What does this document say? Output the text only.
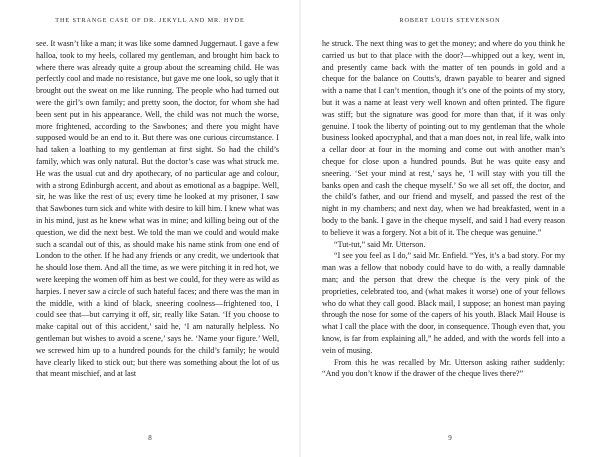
THE STRANGE CASE OF DR. JEKYLL AND MR. HYDE

see. It wasn’t like a man; it was like some damned Juggernaut. I gave a few halloa, took to my heels, collared my gentleman, and brought him back to where there was already quite a group about the screaming child. He was perfectly cool and made no resistance, but gave me one look, so ugly that it brought out the sweat on me like running. The people who had turned out were the girl’s own family; and pretty soon, the doctor, for whom she had been sent put in his appearance. Well, the child was not much the worse, more frightened, according to the Sawbones; and there you might have supposed would be an end to it. But there was one curious circumstance. I had taken a loathing to my gentleman at first sight. So had the child’s family, which was only natural. But the doctor’s case was what struck me. He was the usual cut and dry apothecary, of no particular age and colour, with a strong Edinburgh accent, and about as emotional as a bagpipe. Well, sir, he was like the rest of us; every time he looked at my prisoner, I saw that Sawbones turn sick and white with desire to kill him. I knew what was in his mind, just as he knew what was in mine; and killing being out of the question, we did the next best. We told the man we could and would make such a scandal out of this, as should make his name stink from one end of London to the other. If he had any friends or any credit, we undertook that he should lose them. And all the time, as we were pitching it in red hot, we were keeping the women off him as best we could, for they were as wild as harpies. I never saw a circle of such hateful faces; and there was the man in the middle, with a kind of black, sneering coolness—frightened too, I could see that—but carrying it off, sir, really like Satan. ‘If you choose to make capital out of this accident,’ said he, ‘I am naturally helpless. No gentleman but wishes to avoid a scene,’ says he. ‘Name your figure.’ Well, we screwed him up to a hundred pounds for the child’s family; he would have clearly liked to stick out; but there was something about the lot of us that meant mischief, and at last

8
ROBERT LOUIS STEVENSON

he struck. The next thing was to get the money; and where do you think he carried us but to that place with the door?—whipped out a key, went in, and presently came back with the matter of ten pounds in gold and a cheque for the balance on Coutts’s, drawn payable to bearer and signed with a name that I can’t mention, though it’s one of the points of my story, but it was a name at least very well known and often printed. The figure was stiff; but the signature was good for more than that, if it was only genuine. I took the liberty of pointing out to my gentleman that the whole business looked apocryphal, and that a man does not, in real life, walk into a cellar door at four in the morning and come out with another man’s cheque for close upon a hundred pounds. But he was quite easy and sneering. ‘Set your mind at rest,’ says he, ‘I will stay with you till the banks open and cash the cheque myself.’ So we all set off, the doctor, and the child’s father, and our friend and myself, and passed the rest of the night in my chambers; and next day, when we had breakfasted, went in a body to the bank. I gave in the cheque myself, and said I had every reason to believe it was a forgery. Not a bit of it. The cheque was genuine.”

“Tut-tut,” said Mr. Utterson.

“I see you feel as I do,” said Mr. Enfield. “Yes, it’s a bad story. For my man was a fellow that nobody could have to do with, a really damnable man; and the person that drew the cheque is the very pink of the proprieties, celebrated too, and (what makes it worse) one of your fellows who do what they call good. Black mail, I suppose; an honest man paying through the nose for some of the capers of his youth. Black Mail House is what I call the place with the door, in consequence. Though even that, you know, is far from explaining all,” he added, and with the words fell into a vein of musing.

From this he was recalled by Mr. Utterson asking rather suddenly: “And you don’t know if the drawer of the cheque lives there?”

9
